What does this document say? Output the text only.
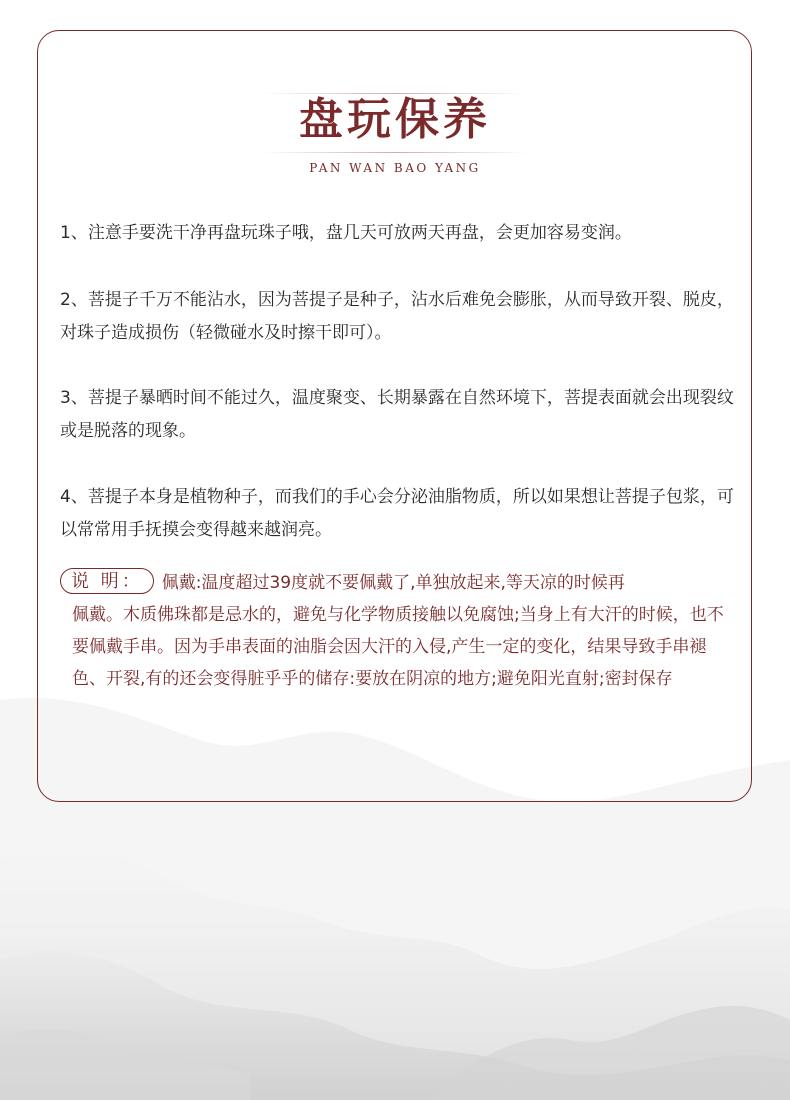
盘玩保养
PAN WAN BAO YANG

1、注意手要洗干净再盘玩珠子哦，盘几天可放两天再盘，会更加容易变润。

2、菩提子千万不能沾水，因为菩提子是种子，沾水后难免会膨胀，从而导致开裂、脱皮，对珠子造成损伤（轻微碰水及时擦干即可）。

3、菩提子暴晒时间不能过久，温度聚变、长期暴露在自然环境下，菩提表面就会出现裂纹或是脱落的现象。

4、菩提子本身是植物种子，而我们的手心会分泌油脂物质，所以如果想让菩提子包浆，可以常常用手抚摸会变得越来越润亮。

说 明： 佩戴:温度超过39度就不要佩戴了,单独放起来,等天凉的时候再
佩戴。木质佛珠都是忌水的，避免与化学物质接触以免腐蚀;当身上有大汗的时候，也不要佩戴手串。因为手串表面的油脂会因大汗的入侵,产生一定的变化，结果导致手串褪色、开裂,有的还会变得脏乎乎的储存:要放在阴凉的地方;避免阳光直射;密封保存
